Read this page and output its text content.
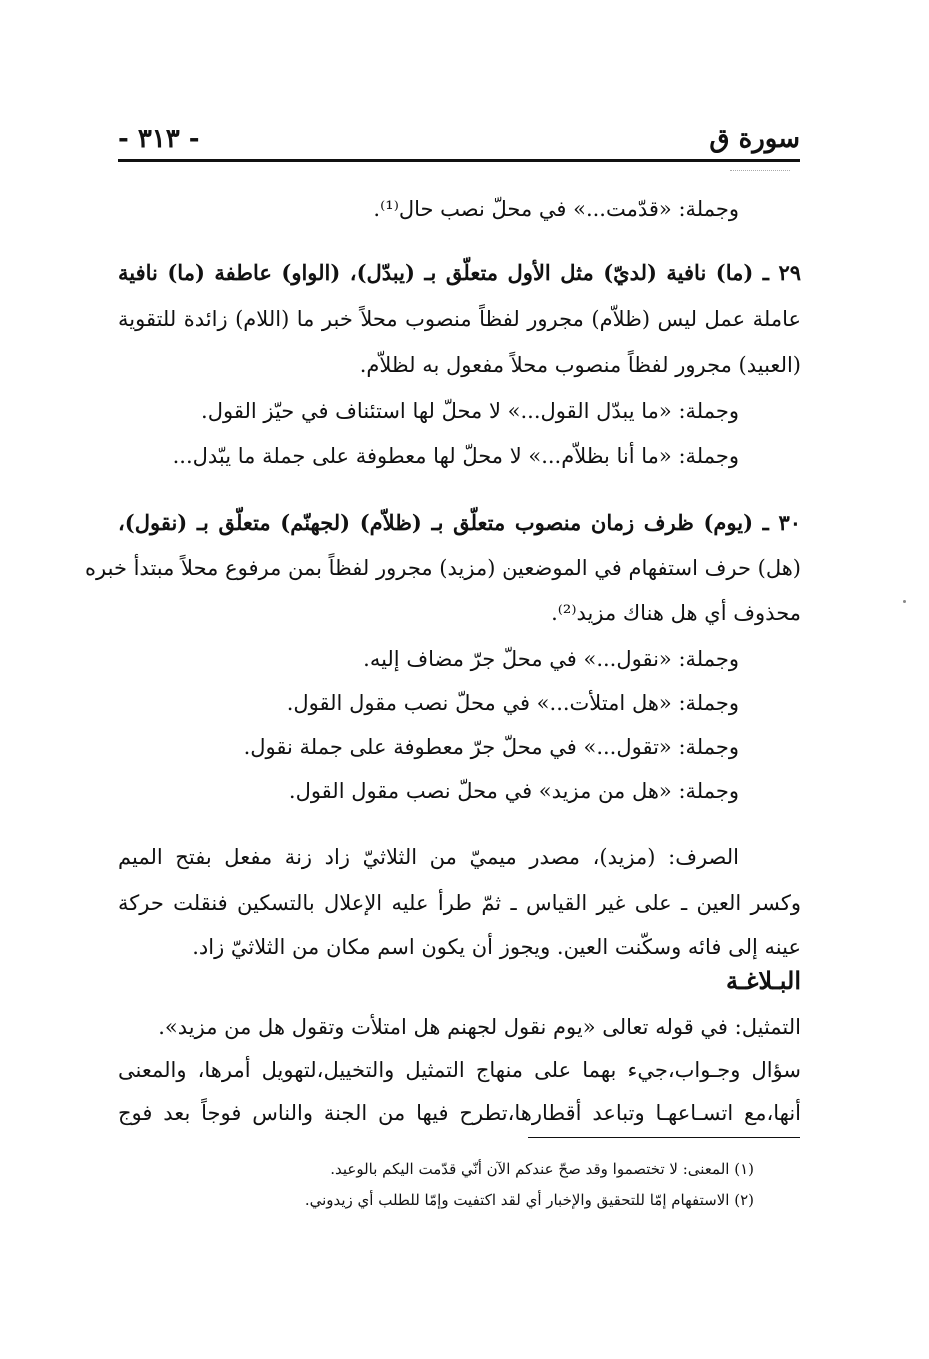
سورة ق
- ٣١٣ -
وجملة: «قدّمت...» في محلّ نصب حال⁽¹⁾.
٢٩ ـ (ما) نافية (لديّ) مثل الأول متعلّق بـ (يبدّل)، (الواو) عاطفة (ما) نافية
عاملة عمل ليس (ظلاّم) مجرور لفظاً منصوب محلاً خبر ما (اللام) زائدة للتقوية
(العبيد) مجرور لفظاً منصوب محلاً مفعول به لظلاّم.
وجملة: «ما يبدّل القول...» لا محلّ لها استئناف في حيّز القول.
وجملة: «ما أنا بظلاّم...» لا محلّ لها معطوفة على جملة ما يبّدل...
٣٠ ـ (يوم) ظرف زمان منصوب متعلّق بـ (ظلاّم) (لجهنّم) متعلّق بـ (نقول)،
(هل) حرف استفهام في الموضعين (مزيد) مجرور لفظاً بمن مرفوع محلاً مبتدأ خبره
محذوف أي هل هناك مزيد⁽²⁾.
وجملة: «نقول...» في محلّ جرّ مضاف إليه.
وجملة: «هل امتلأت...» في محلّ نصب مقول القول.
وجملة: «تقول...» في محلّ جرّ معطوفة على جملة نقول.
وجملة: «هل من مزيد» في محلّ نصب مقول القول.
الصرف: (مزيد)، مصدر ميميّ من الثلاثيّ زاد زنة مفعل بفتح الميم
وكسر العين ـ على غير القياس ـ ثمّ طرأ عليه الإعلال بالتسكين فنقلت حركة
عينه إلى فائه وسكّنت العين. ويجوز أن يكون اسم مكان من الثلاثيّ زاد.
البـلاغـة
التمثيل: في قوله تعالى «يوم نقول لجهنم هل امتلأت وتقول هل من مزيد».
سؤال وجـواب،جيء بهما على منهاج التمثيل والتخييل،لتهويل أمرها، والمعنى
أنها،مع اتسـاعهـا وتباعد أقطارها،تطرح فيها من الجنة والناس فوجاً بعد فوج
(١) المعنى: لا تختصموا وقد صحّ عندكم الآن أنّي قدّمت اليكم بالوعيد.
(٢) الاستفهام إمّا للتحقيق والإخبار أي لقد اكتفيت وإمّا للطلب أي زيدوني.
